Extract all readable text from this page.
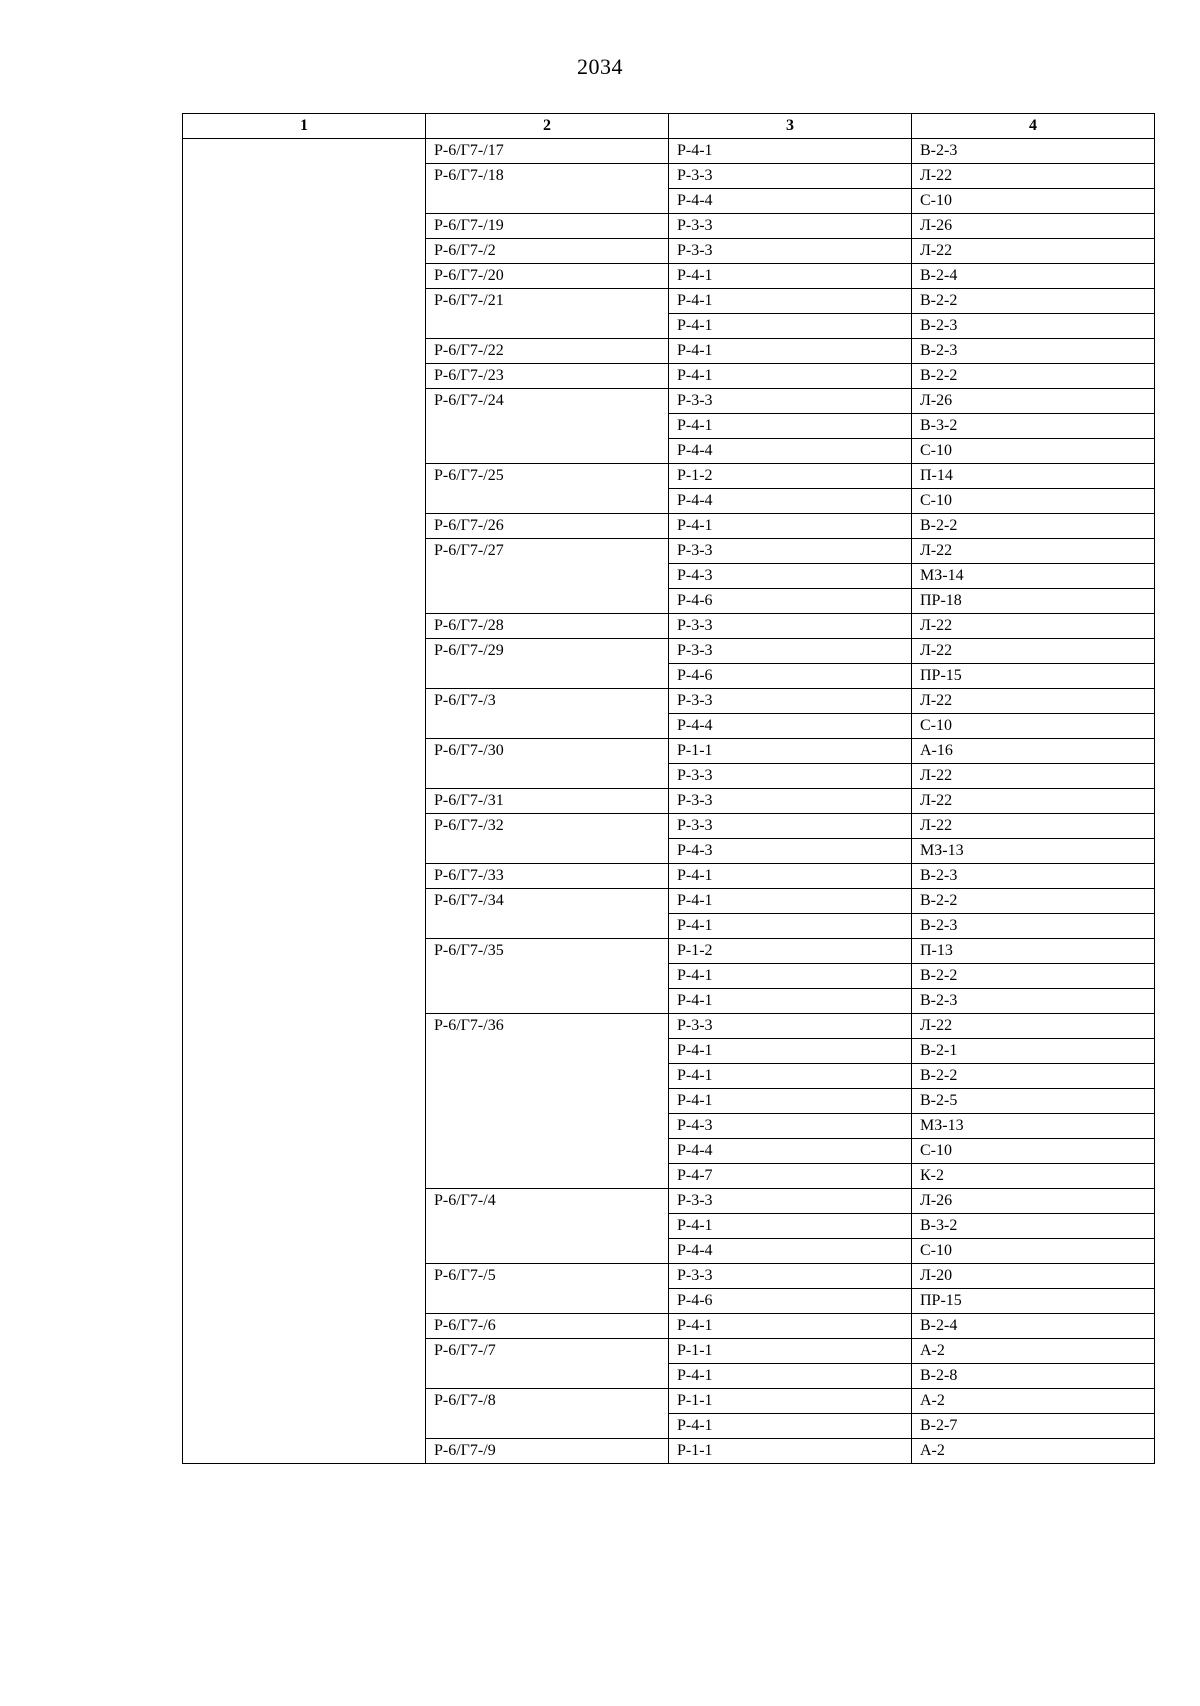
2034
1	2	3	4
	Р-6/Г7-/17	Р-4-1	В-2-3
	Р-6/Г7-/18	Р-3-3	Л-22
		Р-4-4	С-10
	Р-6/Г7-/19	Р-3-3	Л-26
	Р-6/Г7-/2	Р-3-3	Л-22
	Р-6/Г7-/20	Р-4-1	В-2-4
	Р-6/Г7-/21	Р-4-1	В-2-2
		Р-4-1	В-2-3
	Р-6/Г7-/22	Р-4-1	В-2-3
	Р-6/Г7-/23	Р-4-1	В-2-2
	Р-6/Г7-/24	Р-3-3	Л-26
		Р-4-1	В-3-2
		Р-4-4	С-10
	Р-6/Г7-/25	Р-1-2	П-14
		Р-4-4	С-10
	Р-6/Г7-/26	Р-4-1	В-2-2
	Р-6/Г7-/27	Р-3-3	Л-22
		Р-4-3	МЗ-14
		Р-4-6	ПР-18
	Р-6/Г7-/28	Р-3-3	Л-22
	Р-6/Г7-/29	Р-3-3	Л-22
		Р-4-6	ПР-15
	Р-6/Г7-/3	Р-3-3	Л-22
		Р-4-4	С-10
	Р-6/Г7-/30	Р-1-1	А-16
		Р-3-3	Л-22
	Р-6/Г7-/31	Р-3-3	Л-22
	Р-6/Г7-/32	Р-3-3	Л-22
		Р-4-3	МЗ-13
	Р-6/Г7-/33	Р-4-1	В-2-3
	Р-6/Г7-/34	Р-4-1	В-2-2
		Р-4-1	В-2-3
	Р-6/Г7-/35	Р-1-2	П-13
		Р-4-1	В-2-2
		Р-4-1	В-2-3
	Р-6/Г7-/36	Р-3-3	Л-22
		Р-4-1	В-2-1
		Р-4-1	В-2-2
		Р-4-1	В-2-5
		Р-4-3	МЗ-13
		Р-4-4	С-10
		Р-4-7	К-2
	Р-6/Г7-/4	Р-3-3	Л-26
		Р-4-1	В-3-2
		Р-4-4	С-10
	Р-6/Г7-/5	Р-3-3	Л-20
		Р-4-6	ПР-15
	Р-6/Г7-/6	Р-4-1	В-2-4
	Р-6/Г7-/7	Р-1-1	А-2
		Р-4-1	В-2-8
	Р-6/Г7-/8	Р-1-1	А-2
		Р-4-1	В-2-7
	Р-6/Г7-/9	Р-1-1	А-2
